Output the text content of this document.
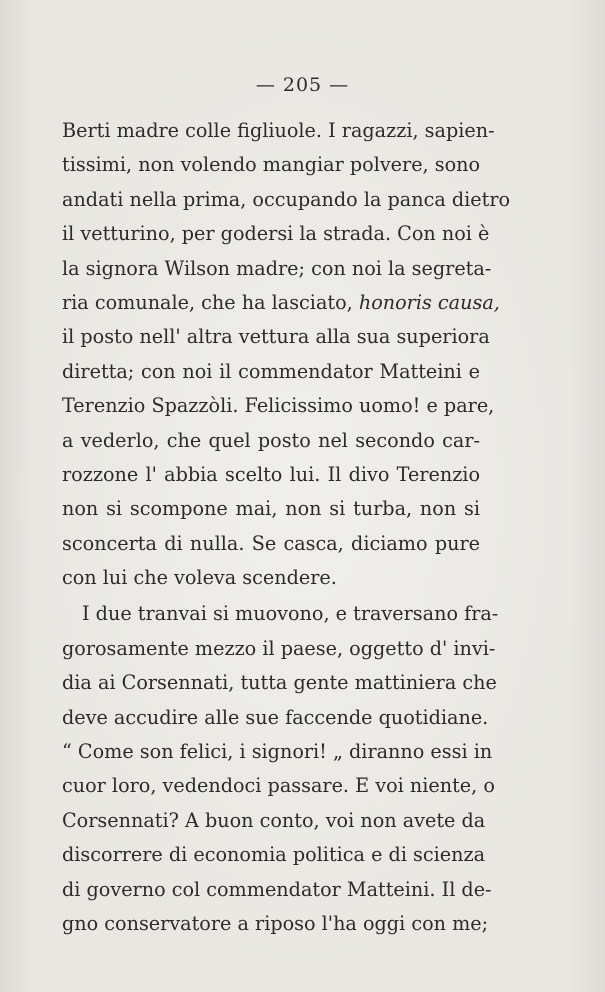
— 205 —
Berti madre colle figliuole. I ragazzi, sapien-
tissimi, non volendo mangiar polvere, sono
andati nella prima, occupando la panca dietro
il vetturino, per godersi la strada. Con noi è
la signora Wilson madre; con noi la segreta-
ria comunale, che ha lasciato, honoris causa,
il posto nell' altra vettura alla sua superiora
diretta; con noi il commendator Matteini e
Terenzio Spazzòli. Felicissimo uomo! e pare,
a vederlo, che quel posto nel secondo car-
rozzone l' abbia scelto lui. Il divo Terenzio
non si scompone mai, non si turba, non si
sconcerta di nulla. Se casca, diciamo pure
con lui che voleva scendere.
I due tranvai si muovono, e traversano fra-
gorosamente mezzo il paese, oggetto d' invi-
dia ai Corsennati, tutta gente mattiniera che
deve accudire alle sue faccende quotidiane.
“ Come son felici, i signori! „ diranno essi in
cuor loro, vedendoci passare. E voi niente, o
Corsennati? A buon conto, voi non avete da
discorrere di economia politica e di scienza
di governo col commendator Matteini. Il de-
gno conservatore a riposo l'ha oggi con me;
